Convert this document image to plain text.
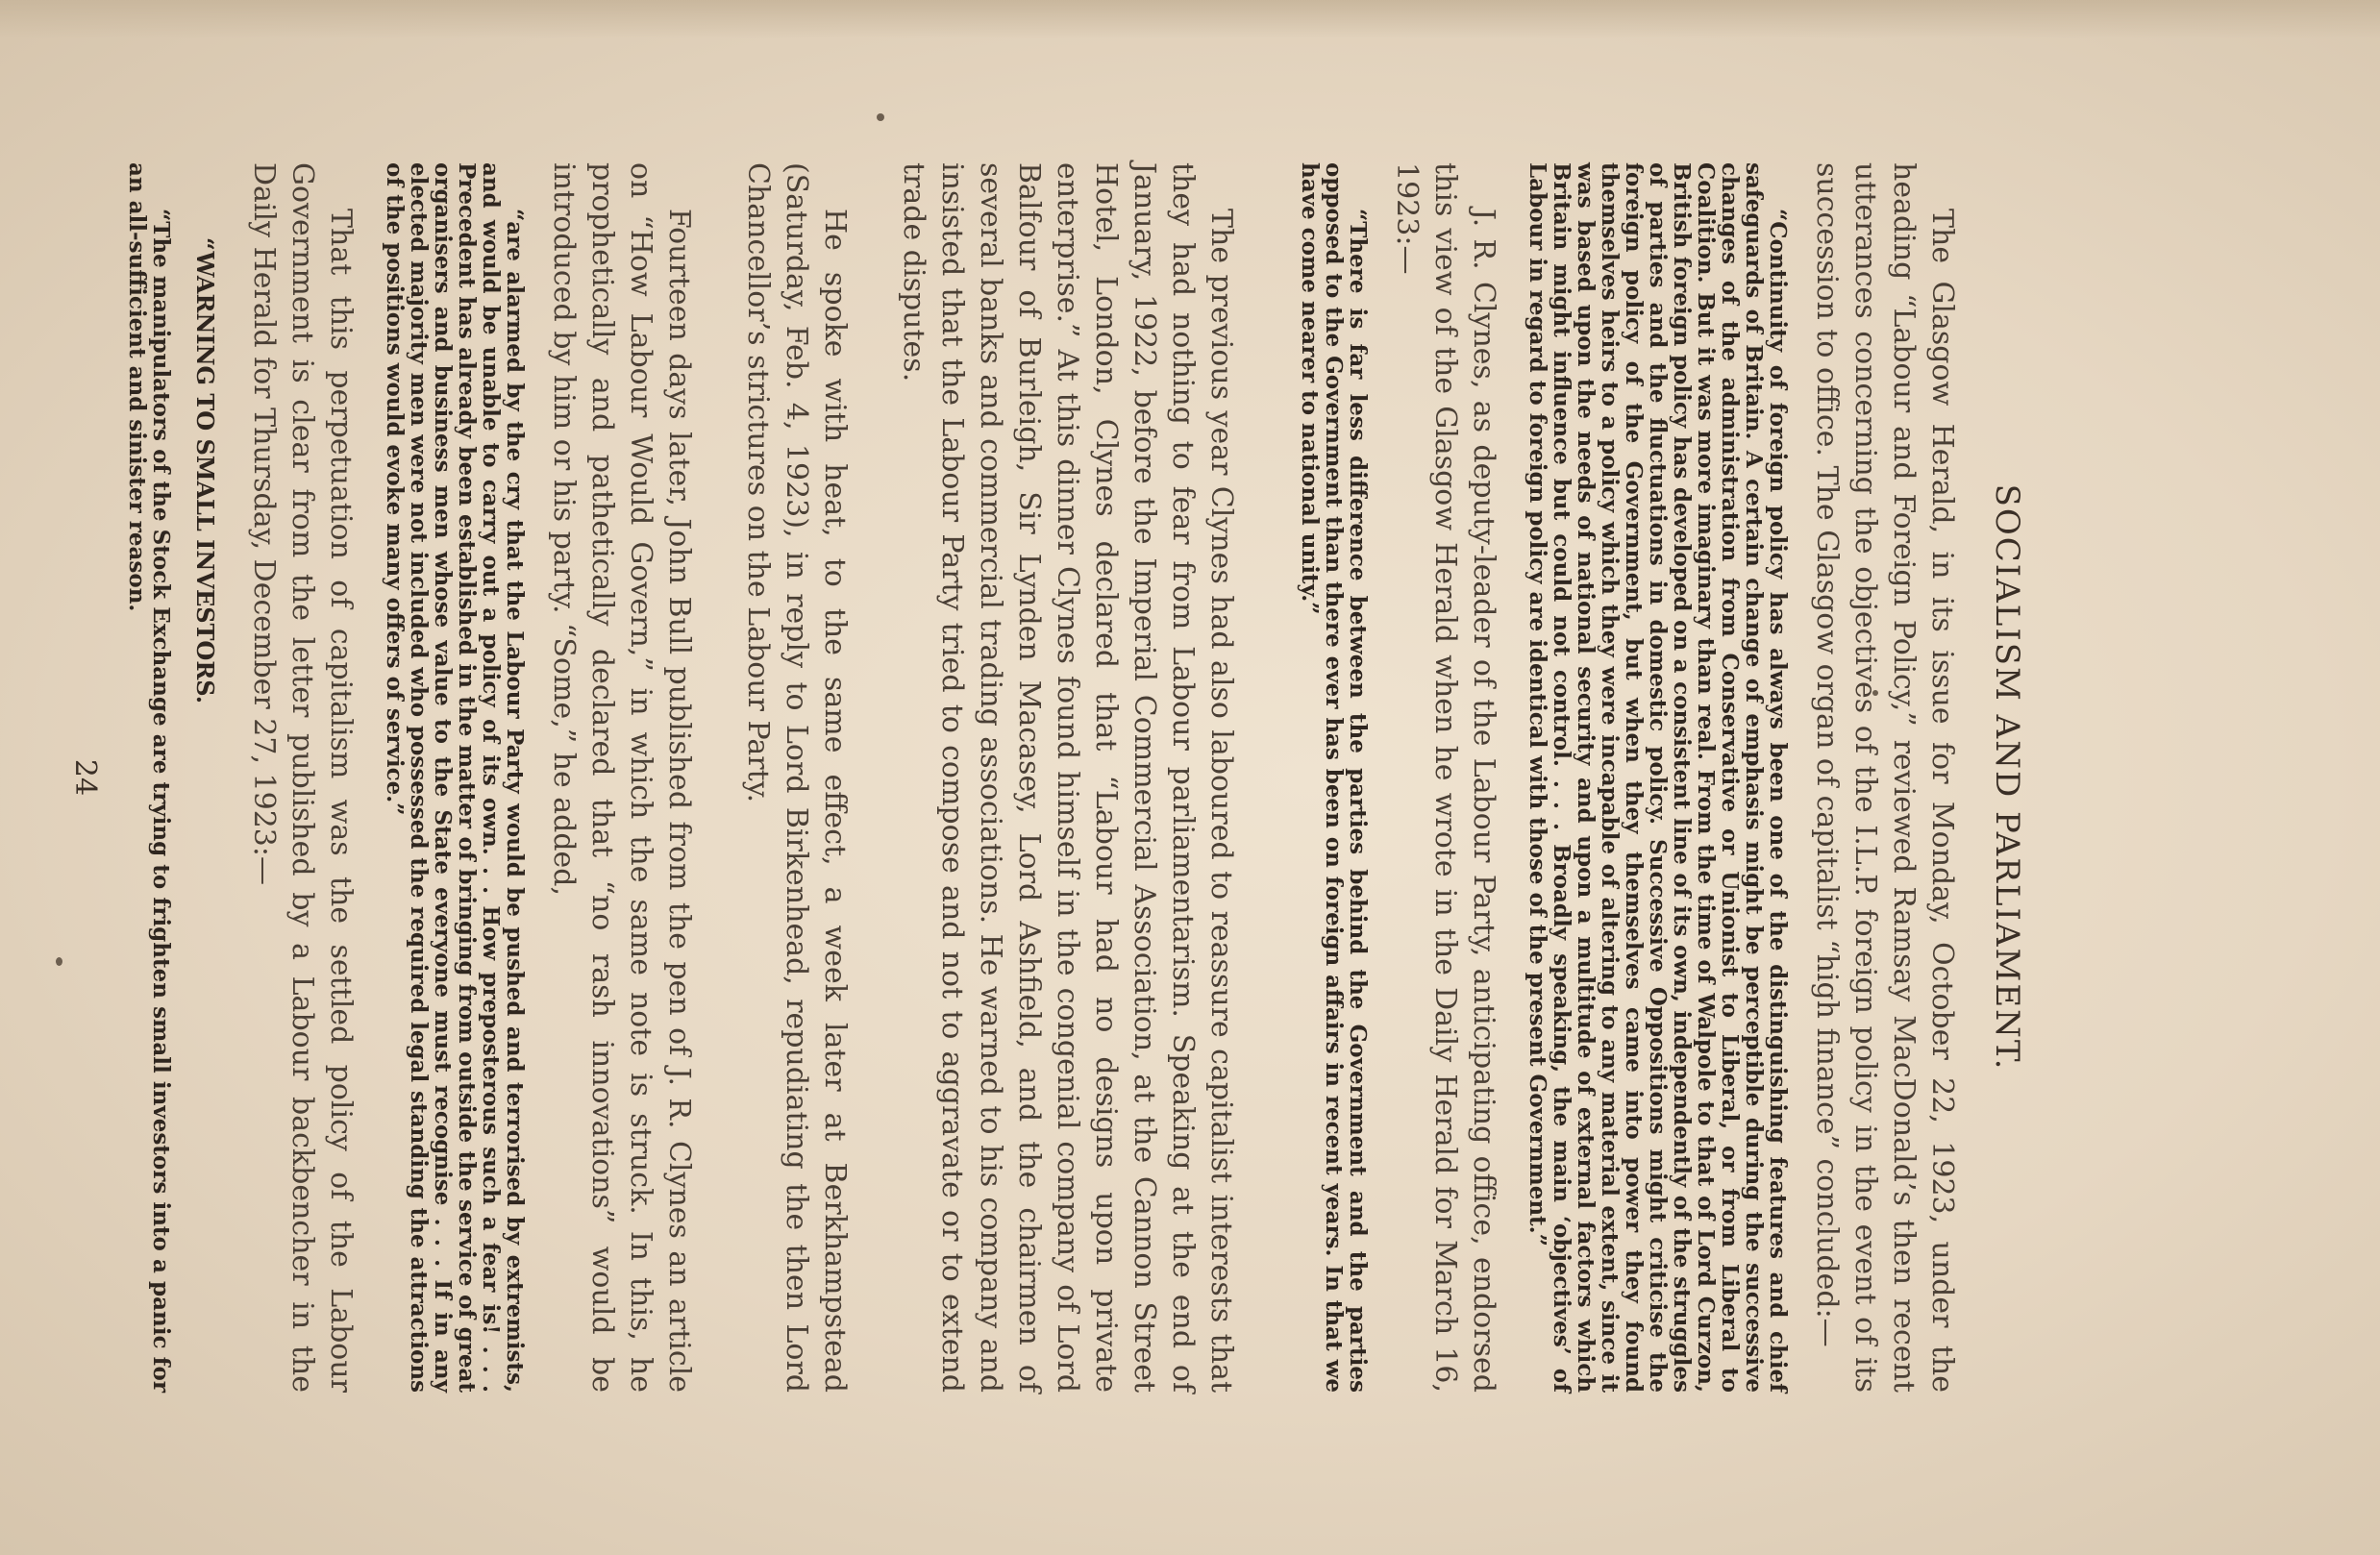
SOCIALISM AND PARLIAMENT.
The Glasgow Herald, in its issue for Monday, October 22, 1923, under the heading “Labour and Foreign Policy,” reviewed Ramsay MacDonald’s then recent utterances concerning the objectives of the I.L.P. foreign policy in the event of its succession to office. The Glasgow organ of capitalist “high finance” concluded:—
“Continuity of foreign policy has always been one of the distinguishing features and chief safeguards of Britain. A certain change of emphasis might be perceptible during the successive changes of the administration from Conservative or Unionist to Liberal, or from Liberal to Coalition. But it was more imaginary than real. From the time of Walpole to that of Lord Curzon, British foreign policy has developed on a consistent line of its own, independently of the struggles of parties and the fluctuations in domestic policy. Successive Oppositions might criticise the foreign policy of the Government, but when they themselves came into power they found themselves heirs to a policy which they were incapable of altering to any material extent, since it was based upon the needs of national security and upon a multitude of external factors which Britain might influence but could not control. . . . Broadly speaking, the main ‘objectives’ of Labour in regard to foreign policy are identical with those of the present Government.”
J. R. Clynes, as deputy-leader of the Labour Party, anticipating office, endorsed this view of the Glasgow Herald when he wrote in the Daily Herald for March 16, 1923:—
“There is far less difference between the parties behind the Government and the parties opposed to the Government than there ever has been on foreign affairs in recent years. In that we have come nearer to national unity.”
The previous year Clynes had also laboured to reassure capitalist interests that they had nothing to fear from Labour parliamentarism. Speaking at the end of January, 1922, before the Imperial Commercial Association, at the Cannon Street Hotel, London, Clynes declared that “Labour had no designs upon private enterprise.” At this dinner Clynes found himself in the congenial company of Lord Balfour of Burleigh, Sir Lynden Macasey, Lord Ashfield, and the chairmen of several banks and commercial trading associations. He warned to his company and insisted that the Labour Party tried to compose and not to aggravate or to extend trade disputes.
He spoke with heat, to the same effect, a week later at Berkhampstead (Saturday, Feb. 4, 1923), in reply to Lord Birkenhead, repudiating the then Lord Chancellor’s strictures on the Labour Party.
Fourteen days later, John Bull published from the pen of J. R. Clynes an article on “How Labour Would Govern,” in which the same note is struck. In this, he prophetically and pathetically declared that “no rash innovations” would be introduced by him or his party. “Some,” he added,
“are alarmed by the cry that the Labour Party would be pushed and terrorised by extremists, and would be unable to carry out a policy of its own. . . How preposterous such a fear is! . . . Precedent has already been established in the matter of bringing from outside the service of great organisers and business men whose value to the State everyone must recognise . . . If in any elected majority men were not included who possessed the required legal standing the attractions of the positions would evoke many offers of service.”
That this perpetuation of capitalism was the settled policy of the Labour Government is clear from the letter published by a Labour backbencher in the Daily Herald for Thursday, December 27, 1923:—
“WARNING TO SMALL INVESTORS.
“The manipulators of the Stock Exchange are trying to frighten small investors into a panic for an all-sufficient and sinister reason.
24
